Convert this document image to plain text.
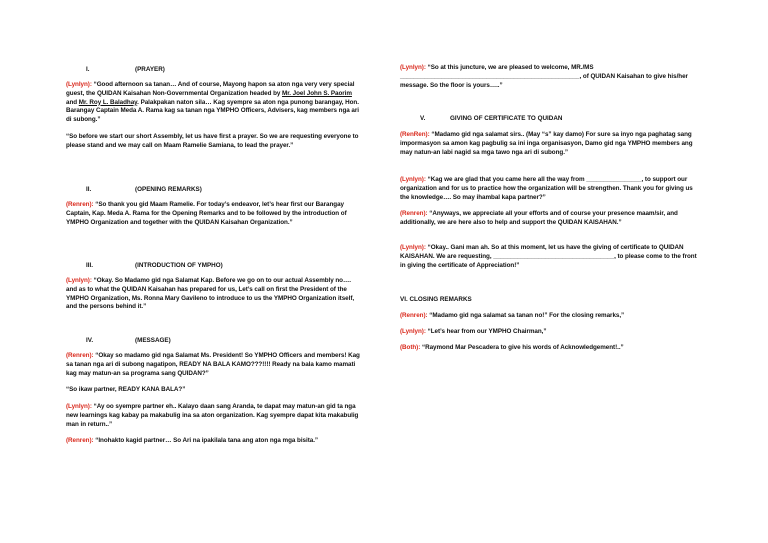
I.	(PRAYER)
(Lynlyn): “Good afternoon sa tanan… And of course, Mayong hapon sa aton nga very very special guest, the QUIDAN Kaisahan Non-Governmental Organization headed by Mr. Joel John S. Paorim and Mr. Roy L. Baladhay. Palakpakan naton sila… Kag syempre sa aton nga punong barangay, Hon. Barangay Captain Meda A. Rama kag sa tanan nga YMPHO Officers, Advisers, kag members nga ari di subong.”
“So before we start our short Assembly, let us have first a prayer. So we are requesting everyone to please stand and we may call on Maam Ramelie Samiana, to lead the prayer.”
II.	(OPENING REMARKS)
(Renren): “So thank you gid Maam Ramelie. For today’s endeavor, let’s hear first our Barangay Captain, Kap. Meda A. Rama for the Opening Remarks and to be followed by the introduction of YMPHO Organization and together with the QUIDAN Kaisahan Organization.”
III.	(INTRODUCTION OF YMPHO)
(Lynlyn): “Okay. So Madamo gid nga Salamat Kap. Before we go on to our actual Assembly no…. and as to what the QUIDAN Kaisahan has prepared for us, Let’s call on first the President of the YMPHO Organization, Ms. Ronna Mary Gavileno to introduce to us the YMPHO Organization itself, and the persons behind it.”
IV.	(MESSAGE)
(Renren): “Okay so madamo gid nga Salamat Ms. President! So YMPHO Officers and members! Kag sa tanan nga ari di subong nagatipon, READY NA BALA KAMO???!!!! Ready na bala kamo mamati kag may matun-an sa programa sang QUIDAN?”
“So ikaw partner, READY KANA BALA?”
(Lynlyn): “Ay oo syempre partner eh.. Kalayo daan sang Aranda, te dapat may matun-an gid ta nga new learnings kag kabay pa makabulig ina sa aton organization. Kag syempre dapat kita makabulig man in return..”
(Renren): “Inohakto kagid partner… So Ari na ipakilala tana ang aton nga mga bisita.”
(Lynlyn): “So at this juncture, we are pleased to welcome, MR./MS ____________________________________________________, of QUIDAN Kaisahan to give his/her message. So the floor is yours…..”
V.	GIVING OF CERTIFICATE TO QUIDAN
(RenRen): “Madamo gid nga salamat sirs.. (May “s” kay damo) For sure sa inyo nga paghatag sang impormasyon sa amon kag pagbulig sa ini inga organisasyon, Damo gid nga YMPHO members ang may natun-an labi nagid sa mga tawo nga ari di subong.”
(Lynlyn): “Kag we are glad that you came here all the way from ________________, to support our organization and for us to practice how the organization will be strengthen. Thank you for giving us the knowledge…. So may ihambal kapa partner?”
(Renren): “Anyways, we appreciate all your efforts and of course your presence maam/sir, and additionally, we are here also to help and support the QUIDAN KAISAHAN.”
(Lynlyn): “Okay.. Gani man ah. So at this moment, let us have the giving of certificate to QUIDAN KAISAHAN. We are requesting, ___________________________________, to please come to the front in giving the certificate of Appreciation!”
VI. CLOSING REMARKS
(Renren): “Madamo gid nga salamat sa tanan no!” For the closing remarks,”
(Lynlyn): “Let’s hear from our YMPHO Chairman,”
(Both): “Raymond Mar Pescadera to give his words of Acknowledgement!..”
